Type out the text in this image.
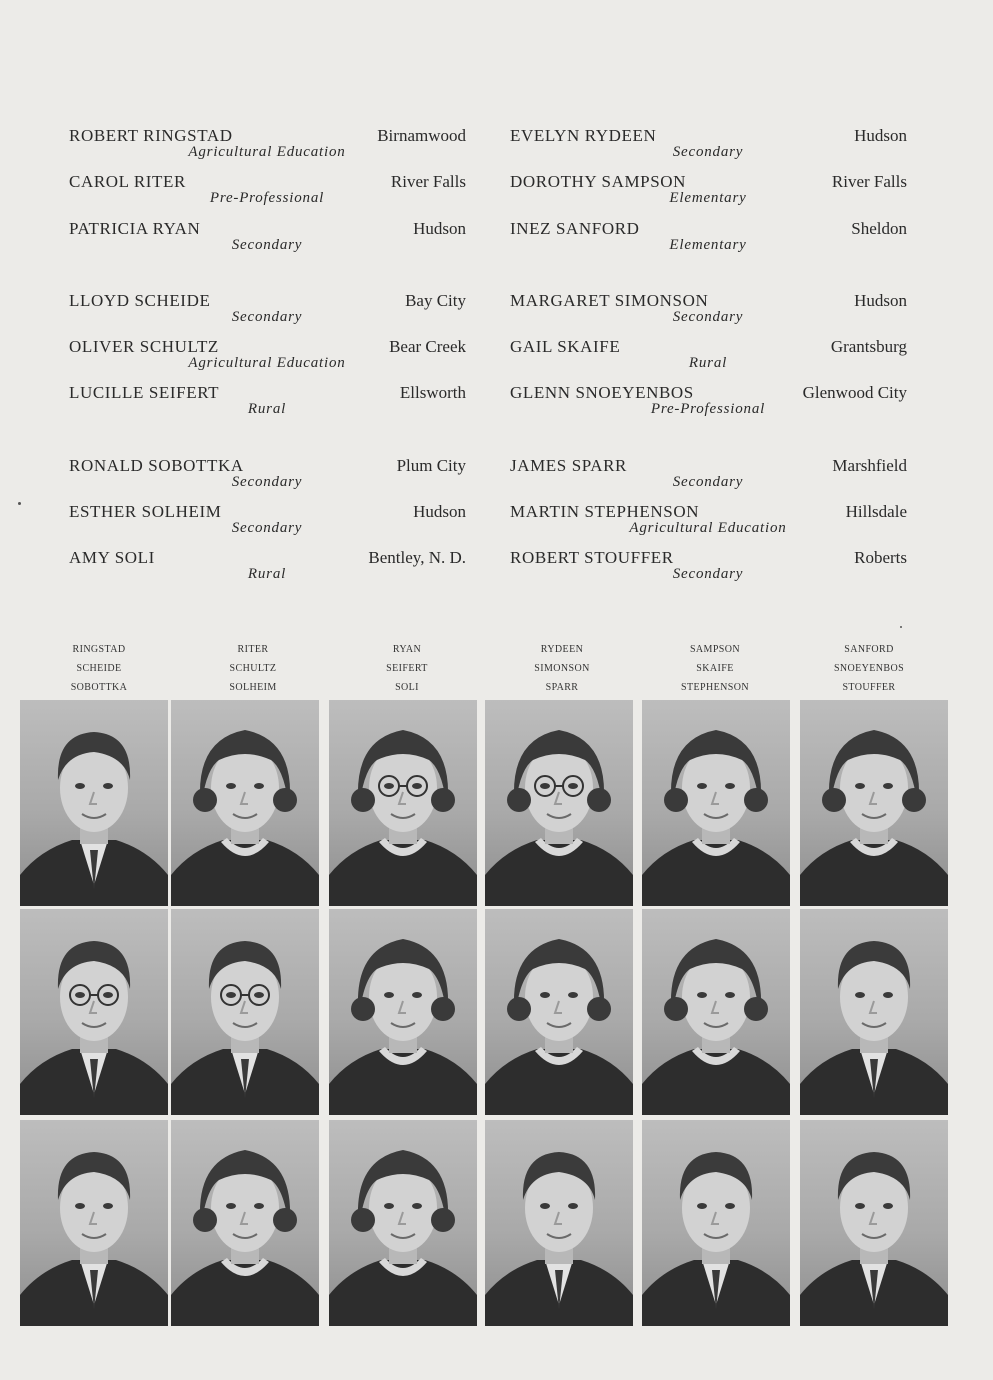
ROBERT RINGSTAD	Birnamwood
Agricultural Education
EVELYN RYDEEN	Hudson
Secondary
CAROL RITER	River Falls
Pre-Professional
DOROTHY SAMPSON	River Falls
Elementary
PATRICIA RYAN	Hudson
Secondary
INEZ SANFORD	Sheldon
Elementary
LLOYD SCHEIDE	Bay City
Secondary
MARGARET SIMONSON	Hudson
Secondary
OLIVER SCHULTZ	Bear Creek
Agricultural Education
GAIL SKAIFE	Grantsburg
Rural
LUCILLE SEIFERT	Ellsworth
Rural
GLENN SNOEYENBOS	Glenwood City
Pre-Professional
RONALD SOBOTTKA	Plum City
Secondary
JAMES SPARR	Marshfield
Secondary
ESTHER SOLHEIM	Hudson
Secondary
MARTIN STEPHENSON	Hillsdale
Agricultural Education
AMY SOLI	Bentley, N. D.
Rural
ROBERT STOUFFER	Roberts
Secondary
RINGSTAD
SCHEIDE
SOBOTTKA
RITER
SCHULTZ
SOLHEIM
RYAN
SEIFERT
SOLI
RYDEEN
SIMONSON
SPARR
SAMPSON
SKAIFE
STEPHENSON
SANFORD
SNOEYENBOS
STOUFFER
